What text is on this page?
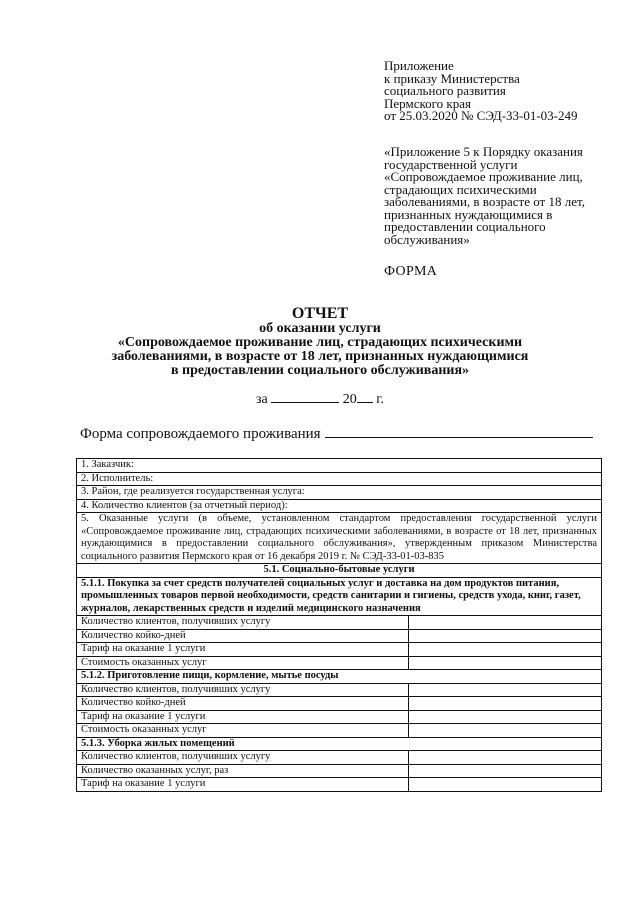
Приложение
к приказу Министерства
социального развития
Пермского края
от 25.03.2020 № СЭД-33-01-03-249
«Приложение 5 к Порядку оказания государственной услуги «Сопровождаемое проживание лиц, страдающих психическими заболеваниями, в возрасте от 18 лет, признанных нуждающимися в предоставлении социального обслуживания»
ФОРМА
ОТЧЕТ
об оказании услуги
«Сопровождаемое проживание лиц, страдающих психическими
заболеваниями, в возрасте от 18 лет, признанных нуждающимися
в предоставлении социального обслуживания»
за	20 г.
Форма сопровождаемого проживания
1. Заказчик:	
2. Исполнитель:	
3. Район, где реализуется государственная услуга:	
4. Количество клиентов (за отчетный период):	
5. Оказанные услуги (в объеме, установленном стандартом предоставления государственной услуги «Сопровождаемое проживание лиц, страдающих психическими заболеваниями, в возрасте от 18 лет, признанных нуждающимися в предоставлении социального обслуживания», утвержденным приказом Министерства социального развития Пермского края от 16 декабря 2019 г. № СЭД-33-01-03-835	
5.1. Социально-бытовые услуги	
5.1.1. Покупка за счет средств получателей социальных услуг и доставка на дом продуктов питания, промышленных товаров первой необходимости, средств санитарии и гигиены, средств ухода, книг, газет, журналов, лекарственных средств и изделий медицинского назначения	
Количество клиентов, получивших услугу	
Количество койко-дней	
Тариф на оказание 1 услуги	
Стоимость оказанных услуг	
5.1.2. Приготовление пищи, кормление, мытье посуды	
Количество клиентов, получивших услугу	
Количество койко-дней	
Тариф на оказание 1 услуги	
Стоимость оказанных услуг	
5.1.3. Уборка жилых помещений	
Количество клиентов, получивших услугу	
Количество оказанных услуг, раз	
Тариф на оказание 1 услуги	
